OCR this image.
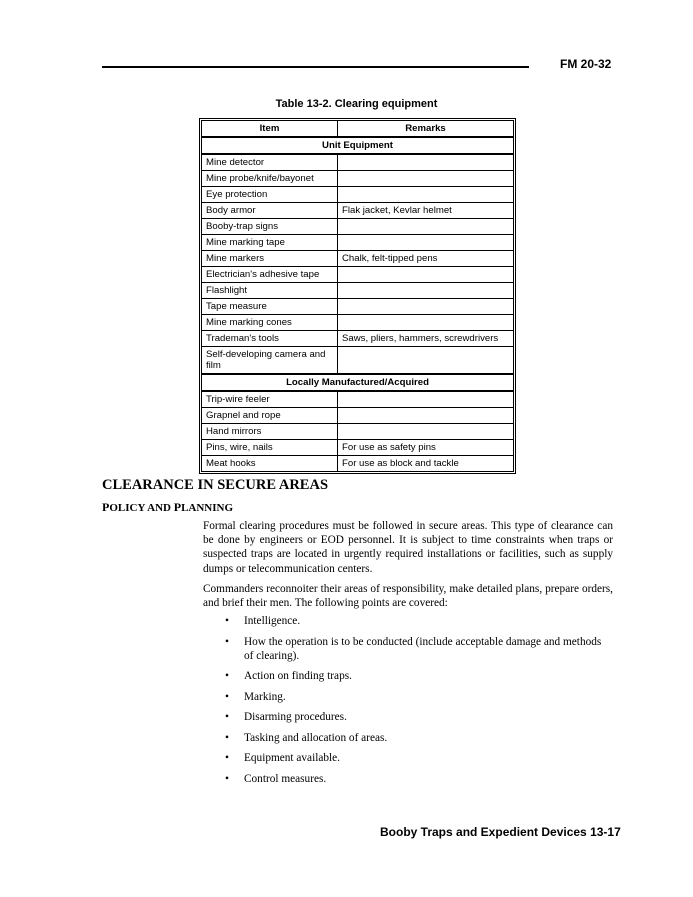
FM 20-32
Table 13-2. Clearing equipment
Item	Remarks
Unit Equipment	
Mine detector	
Mine probe/knife/bayonet	
Eye protection	
Body armor	Flak jacket, Kevlar helmet
Booby-trap signs	
Mine marking tape	
Mine markers	Chalk, felt-tipped pens
Electrician's adhesive tape	
Flashlight	
Tape measure	
Mine marking cones	
Trademan's tools	Saws, pliers, hammers, screwdrivers
Self-developing camera and film	
Locally Manufactured/Acquired	
Trip-wire feeler	
Grapnel and rope	
Hand mirrors	
Pins, wire, nails	For use as safety pins
Meat hooks	For use as block and tackle
CLEARANCE IN SECURE AREAS
POLICY AND PLANNING
Formal clearing procedures must be followed in secure areas. This type of clearance can be done by engineers or EOD personnel. It is subject to time constraints when traps or suspected traps are located in urgently required installations or facilities, such as supply dumps or telecommunication centers.
Commanders reconnoiter their areas of responsibility, make detailed plans, prepare orders, and brief their men. The following points are covered:
• Intelligence.
• How the operation is to be conducted (include acceptable damage and methods of clearing).
• Action on finding traps.
• Marking.
• Disarming procedures.
• Tasking and allocation of areas.
• Equipment available.
• Control measures.
Booby Traps and Expedient Devices 13-17
